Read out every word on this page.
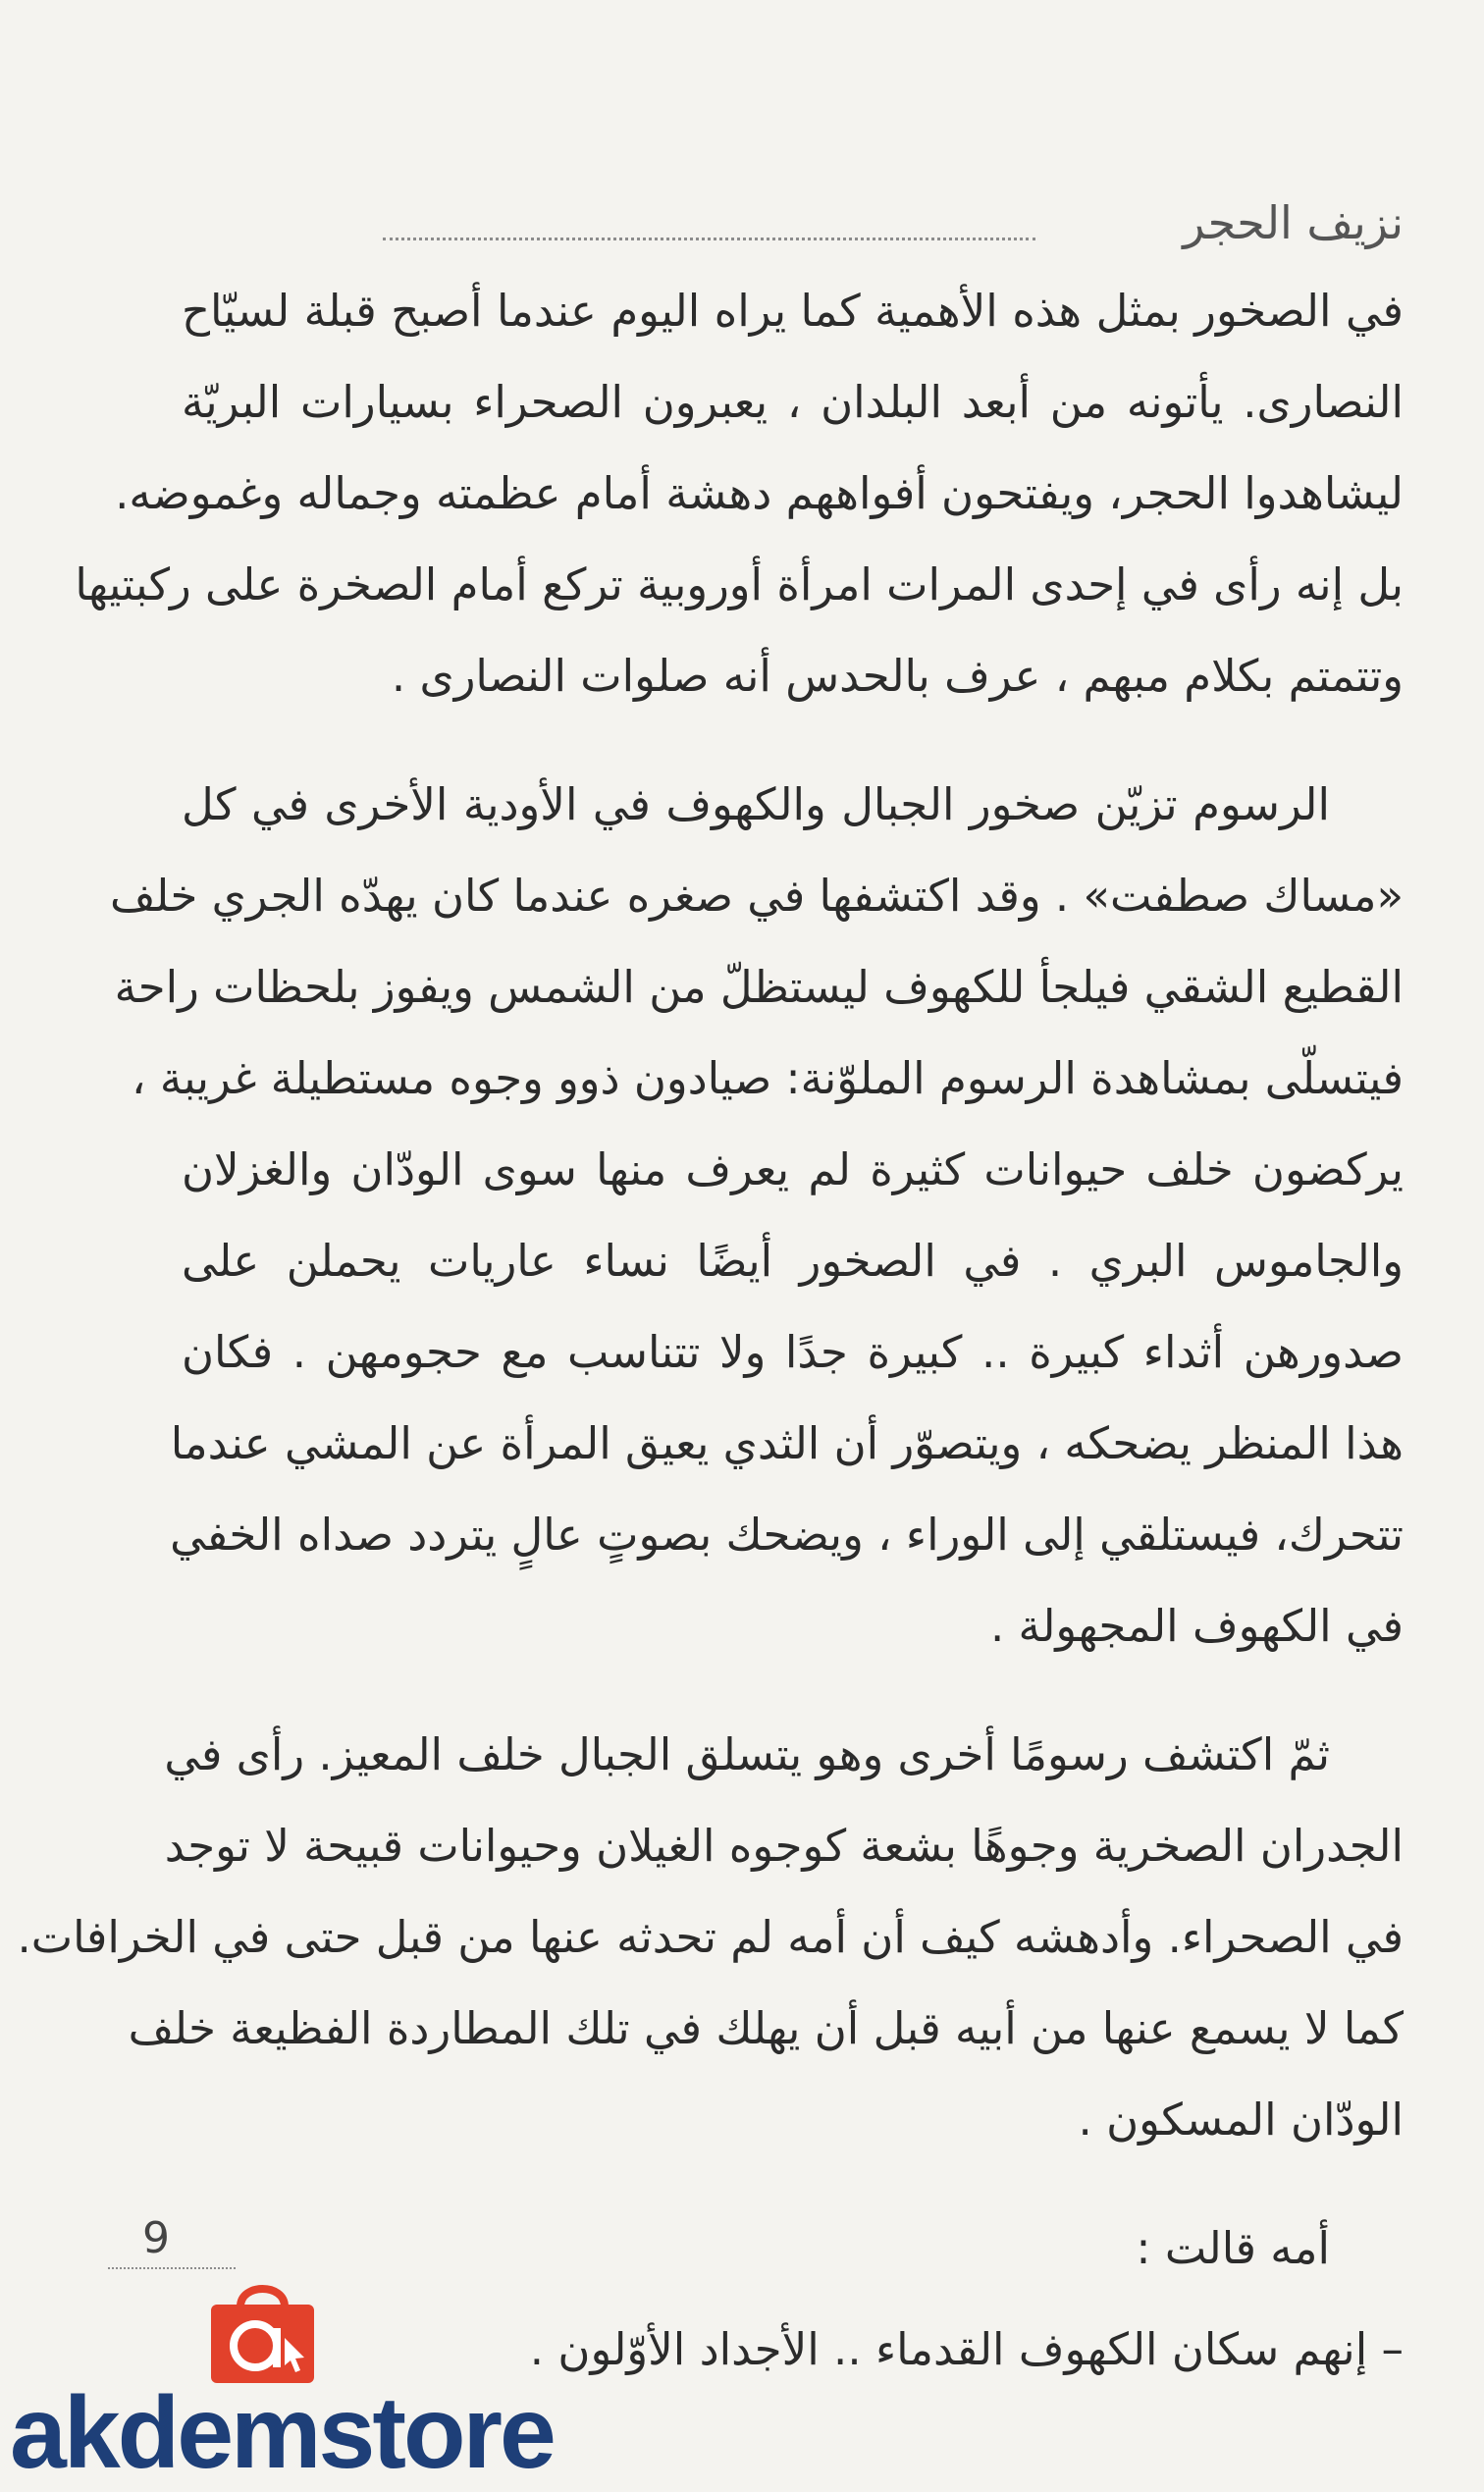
نزيف الحجر
في الصخور بمثل هذه الأهمية كما يراه اليوم عندما أصبح قبلة لسيّاح
النصارى. يأتونه من أبعد البلدان ، يعبرون الصحراء بسيارات البريّة
ليشاهدوا الحجر، ويفتحون أفواههم دهشة أمام عظمته وجماله وغموضه.
بل إنه رأى في إحدى المرات امرأة أوروبية تركع أمام الصخرة على ركبتيها
وتتمتم بكلام مبهم ، عرف بالحدس أنه صلوات النصارى .
الرسوم تزيّن صخور الجبال والكهوف في الأودية الأخرى في كل
«مساك صطفت» . وقد اكتشفها في صغره عندما كان يهدّه الجري خلف
القطيع الشقي فيلجأ للكهوف ليستظلّ من الشمس ويفوز بلحظات راحة
فيتسلّى بمشاهدة الرسوم الملوّنة: صيادون ذوو وجوه مستطيلة غريبة ،
يركضون خلف حيوانات كثيرة لم يعرف منها سوى الودّان والغزلان
والجاموس البري . في الصخور أيضًا نساء عاريات يحملن على
صدورهن أثداء كبيرة .. كبيرة جدًا ولا تتناسب مع حجومهن . فكان
هذا المنظر يضحكه ، ويتصوّر أن الثدي يعيق المرأة عن المشي عندما
تتحرك، فيستلقي إلى الوراء ، ويضحك بصوتٍ عالٍ يتردد صداه الخفي
في الكهوف المجهولة .
ثمّ اكتشف رسومًا أخرى وهو يتسلق الجبال خلف المعيز. رأى في
الجدران الصخرية وجوهًا بشعة كوجوه الغيلان وحيوانات قبيحة لا توجد
في الصحراء. وأدهشه كيف أن أمه لم تحدثه عنها من قبل حتى في الخرافات.
كما لا يسمع عنها من أبيه قبل أن يهلك في تلك المطاردة الفظيعة خلف
الودّان المسكون .
أمه قالت :
– إنهم سكان الكهوف القدماء .. الأجداد الأوّلون .
9
akdemstore
